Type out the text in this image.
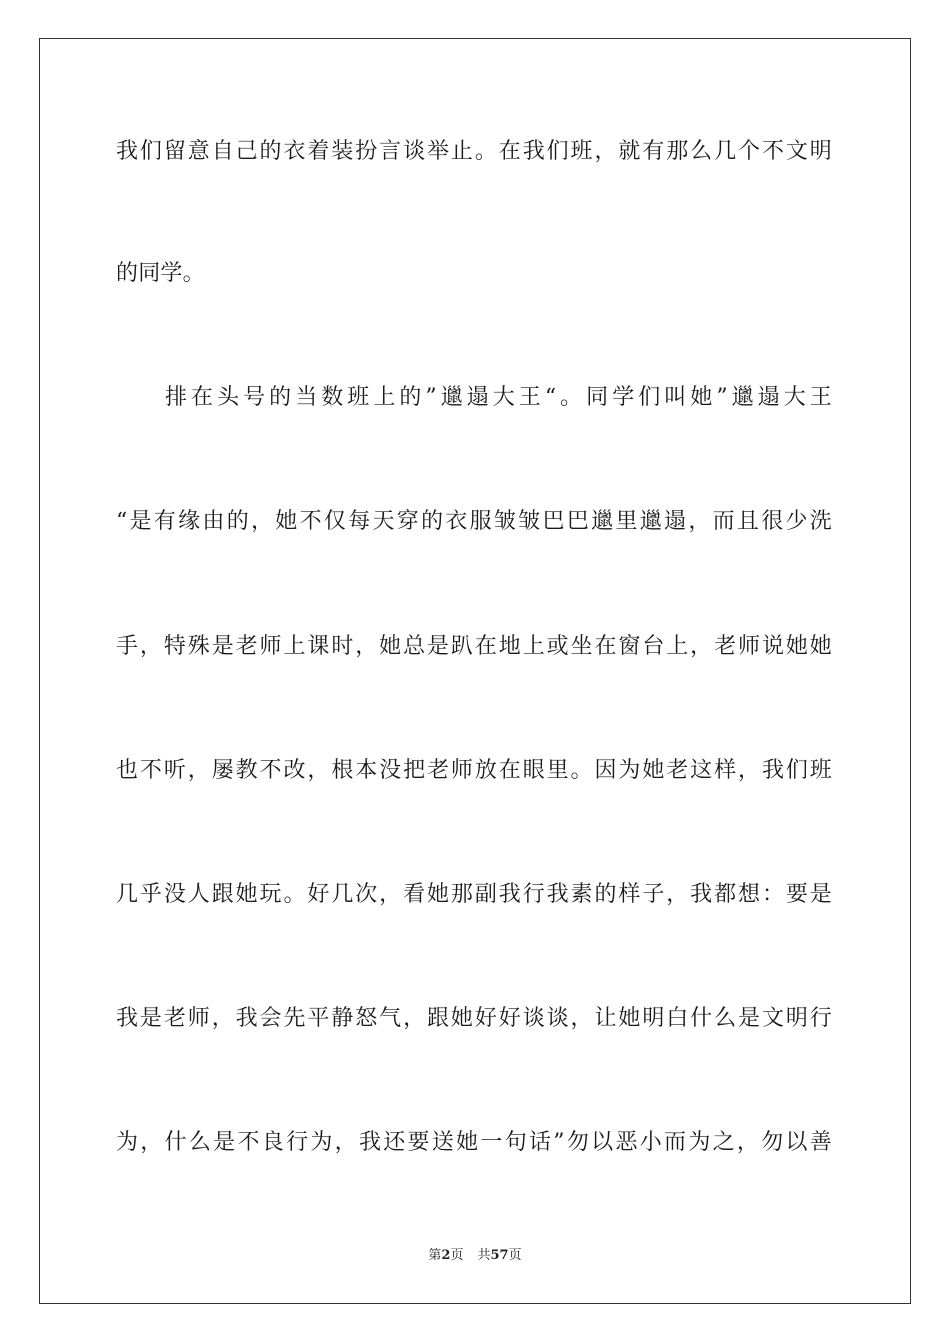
我们留意自己的衣着装扮言谈举止。在我们班，就有那么几个不文明
的同学。
排在头号的当数班上的”邋遢大王“。同学们叫她”邋遢大王
“是有缘由的，她不仅每天穿的衣服皱皱巴巴邋里邋遢，而且很少洗
手，特殊是老师上课时，她总是趴在地上或坐在窗台上，老师说她她
也不听，屡教不改，根本没把老师放在眼里。因为她老这样，我们班
几乎没人跟她玩。好几次，看她那副我行我素的样子，我都想：要是
我是老师，我会先平静怒气，跟她好好谈谈，让她明白什么是文明行
为，什么是不良行为，我还要送她一句话”勿以恶小而为之，勿以善
第2页 共57页
